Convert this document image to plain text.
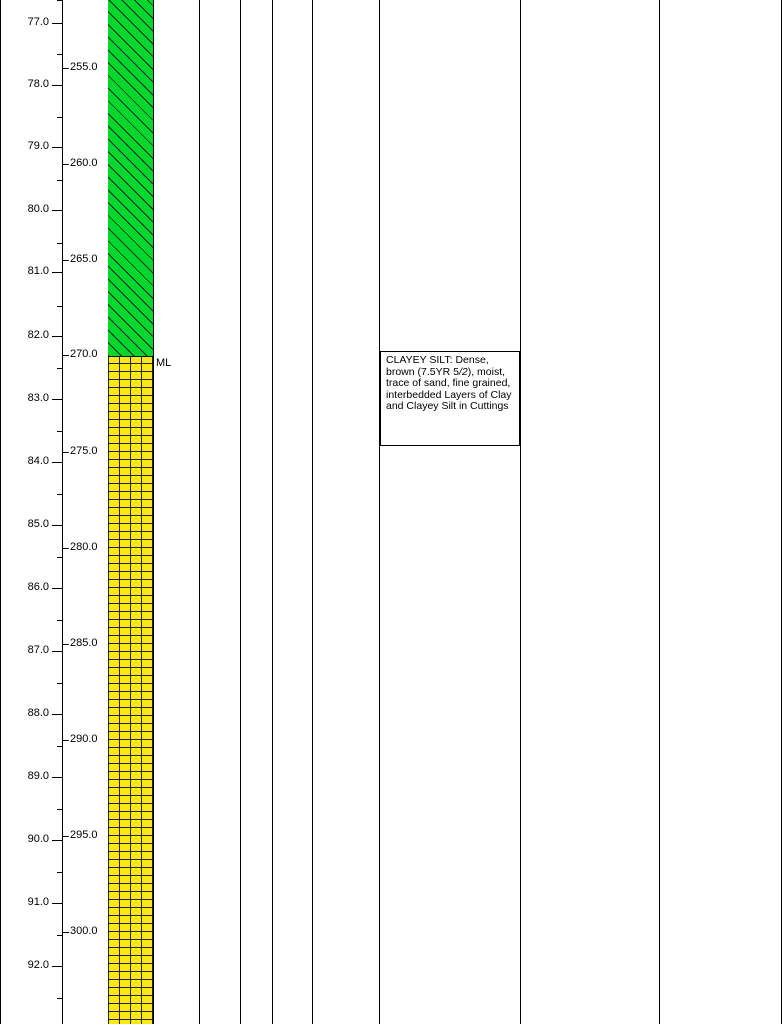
77.0
78.0
79.0
80.0
81.0
82.0
83.0
84.0
85.0
86.0
87.0
88.0
89.0
90.0
91.0
92.0
255.0
260.0
265.0
270.0
275.0
280.0
285.0
290.0
295.0
300.0
ML	CLAYEY SILT: Dense, brown (7.5YR 5/2), moist, trace of sand, fine grained, interbedded Layers of Clay and Clayey Silt in Cuttings
